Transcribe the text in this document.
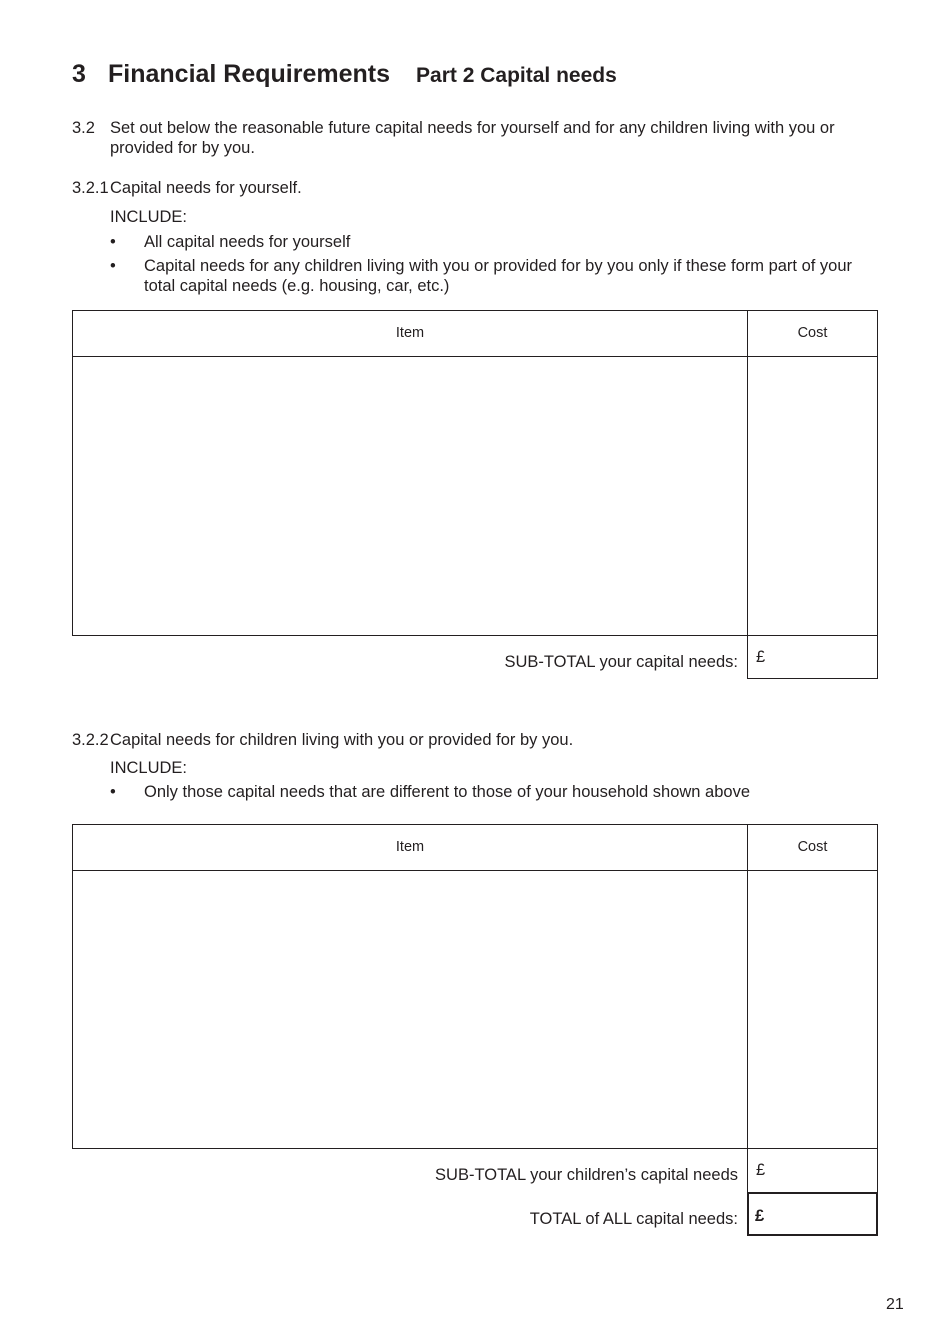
3 Financial Requirements Part 2 Capital needs
3.2 Set out below the reasonable future capital needs for yourself and for any children living with you or
provided for by you.
3.2.1 Capital needs for yourself.
INCLUDE:
• All capital needs for yourself
• Capital needs for any children living with you or provided for by you only if these form part of your total capital needs (e.g. housing, car, etc.)
Item	Cost
SUB-TOTAL your capital needs: £
3.2.2 Capital needs for children living with you or provided for by you.
INCLUDE:
• Only those capital needs that are different to those of your household shown above
Item	Cost
SUB-TOTAL your children’s capital needs £
TOTAL of ALL capital needs: £
21
